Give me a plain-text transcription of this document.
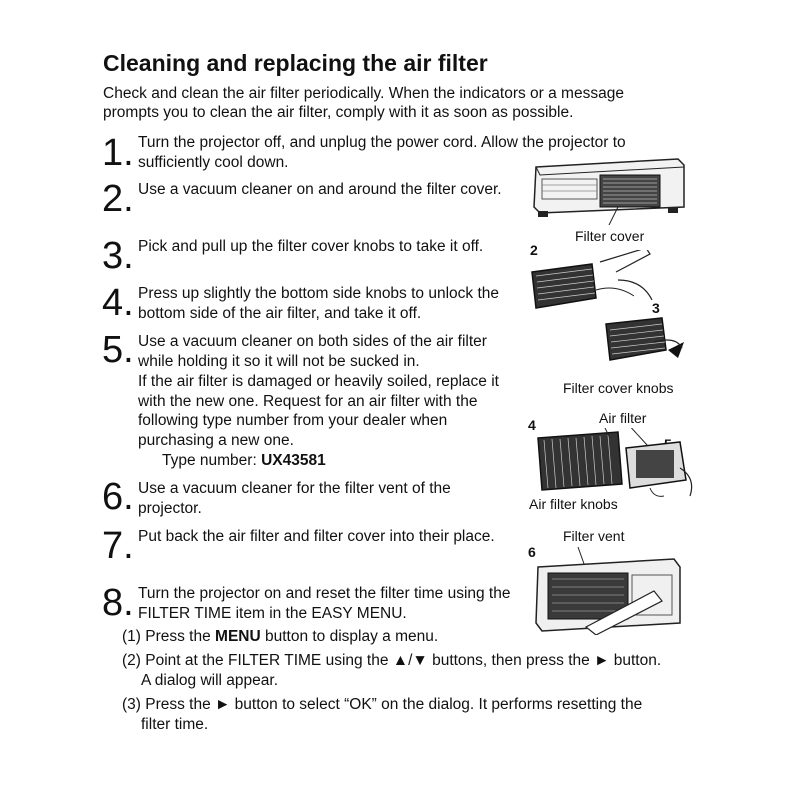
Cleaning and replacing the air filter
Check and clean the air filter periodically. When the indicators or a message prompts you to clean the air filter, comply with it as soon as possible.
1. Turn the projector off, and unplug the power cord. Allow the projector to sufficiently cool down.
2. Use a vacuum cleaner on and around the filter cover.
3. Pick and pull up the filter cover knobs to take it off.
4. Press up slightly the bottom side knobs to unlock the bottom side of the air filter, and take it off.
5. Use a vacuum cleaner on both sides of the air filter while holding it so it will not be sucked in.
If the air filter is damaged or heavily soiled, replace it with the new one. Request for an air filter with the following type number from your dealer when purchasing a new one.
Type number: UX43581
6. Use a vacuum cleaner for the filter vent of the projector.
7. Put back the air filter and filter cover into their place.
8. Turn the projector on and reset the filter time using the FILTER TIME item in the EASY MENU.
(1) Press the MENU button to display a menu.
(2) Point at the FILTER TIME using the ▲/▼ buttons, then press the ► button.
A dialog will appear.
(3) Press the ► button to select “OK” on the dialog. It performs resetting the
filter time.
Filter cover
2
3
Filter cover knobs
Air filter
4
Air filter knobs
Filter vent
6
